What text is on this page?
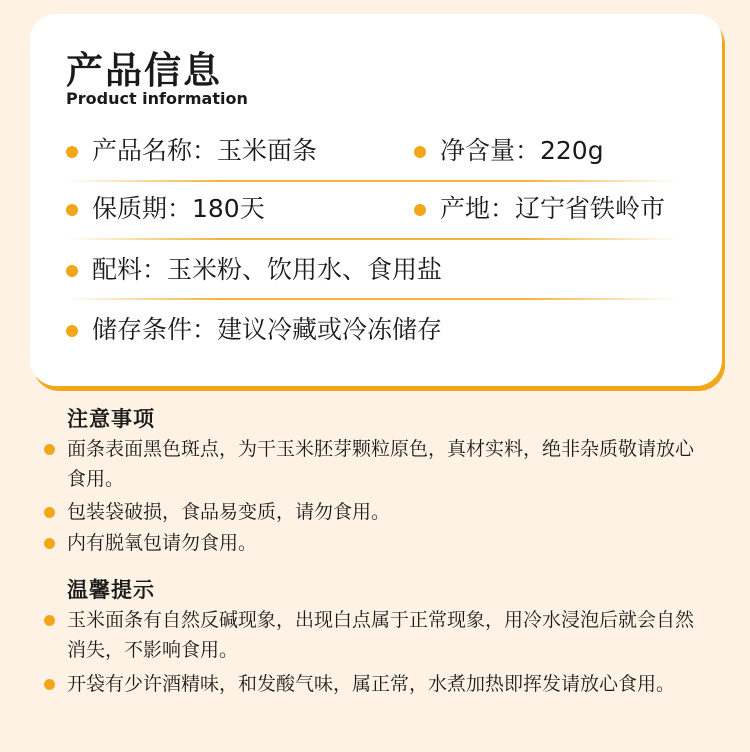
产品信息

Product information

产品名称：玉米面条	净含量：220g
保质期：180天	产地：辽宁省铁岭市
配料：玉米粉、饮用水、食用盐
储存条件：建议冷藏或冷冻储存
注意事项
面条表面黑色斑点，为干玉米胚芽颗粒原色，真材实料，绝非杂质敬请放心食用。
包装袋破损，食品易变质，请勿食用。
内有脱氧包请勿食用。
温馨提示
玉米面条有自然反碱现象，出现白点属于正常现象，用冷水浸泡后就会自然消失，不影响食用。
开袋有少许酒精味，和发酸气味，属正常，水煮加热即挥发请放心食用。
